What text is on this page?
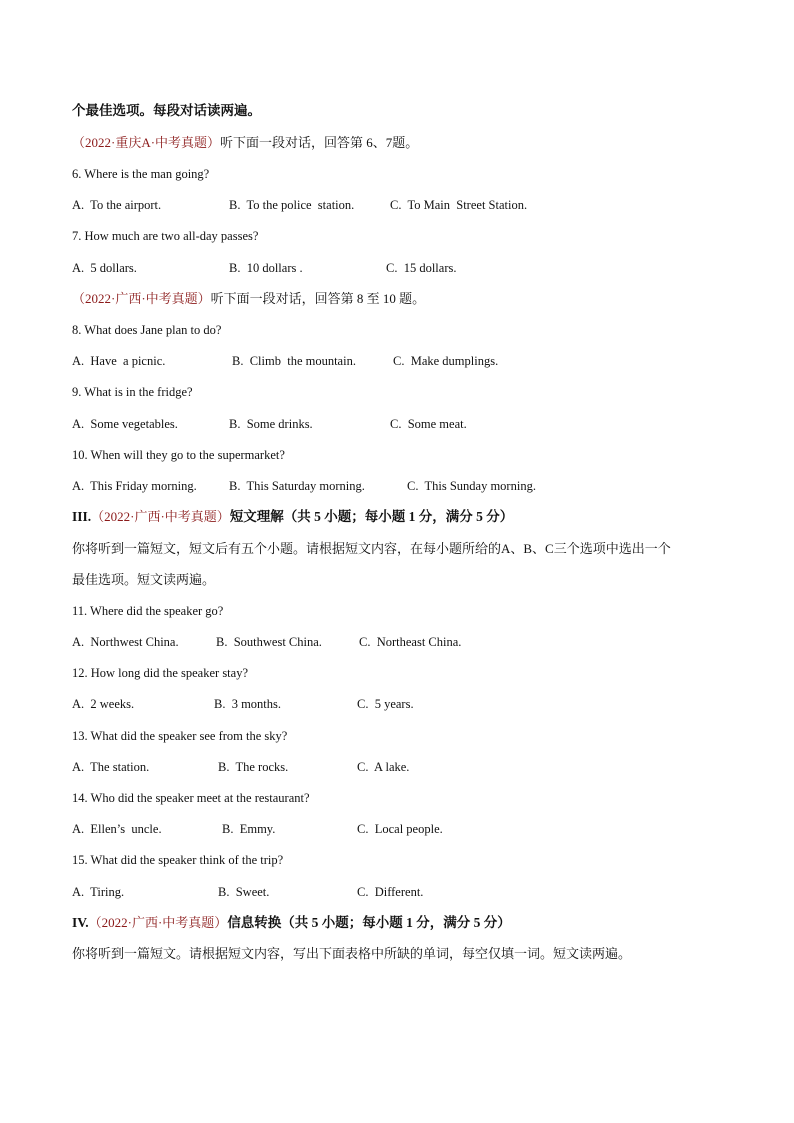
个最佳选项。每段对话读两遍。
（2022·重庆A·中考真题）听下面一段对话，回答第 6、7题。
6. Where is the man going?
A.  To the airport.	B.  To the police  station.	C.  To Main  Street Station.
7. How much are two all-day passes?
A.  5 dollars.	B.  10 dollars .	C.  15 dollars.
（2022·广西·中考真题）听下面一段对话，回答第 8 至 10 题。
8. What does Jane plan to do?
A.  Have  a picnic.	B.  Climb  the mountain.	C.  Make dumplings.
9. What is in the fridge?
A.  Some vegetables.	B.  Some drinks.	C.  Some meat.
10. When will they go to the supermarket?
A.  This Friday morning.	B.  This Saturday morning.	C.  This Sunday morning.
III.（2022·广西·中考真题）短文理解（共 5 小题；每小题 1 分，满分 5 分）
你将听到一篇短文，短文后有五个小题。请根据短文内容，在每小题所给的A、B、C三个选项中选出一个
最佳选项。短文读两遍。
11. Where did the speaker go?
A.  Northwest China.	B.  Southwest China.	C.  Northeast China.
12. How long did the speaker stay?
A.  2 weeks.	B.  3 months.	C.  5 years.
13. What did the speaker see from the sky?
A.  The station.	B.  The rocks.	C.  A lake.
14. Who did the speaker meet at the restaurant?
A.  Ellen’s  uncle.	B.  Emmy.	C.  Local people.
15. What did the speaker think of the trip?
A.  Tiring.	B.  Sweet.	C.  Different.
IV.（2022·广西·中考真题）信息转换（共 5 小题；每小题 1 分，满分 5 分）
你将听到一篇短文。请根据短文内容，写出下面表格中所缺的单词，每空仅填一词。短文读两遍。
